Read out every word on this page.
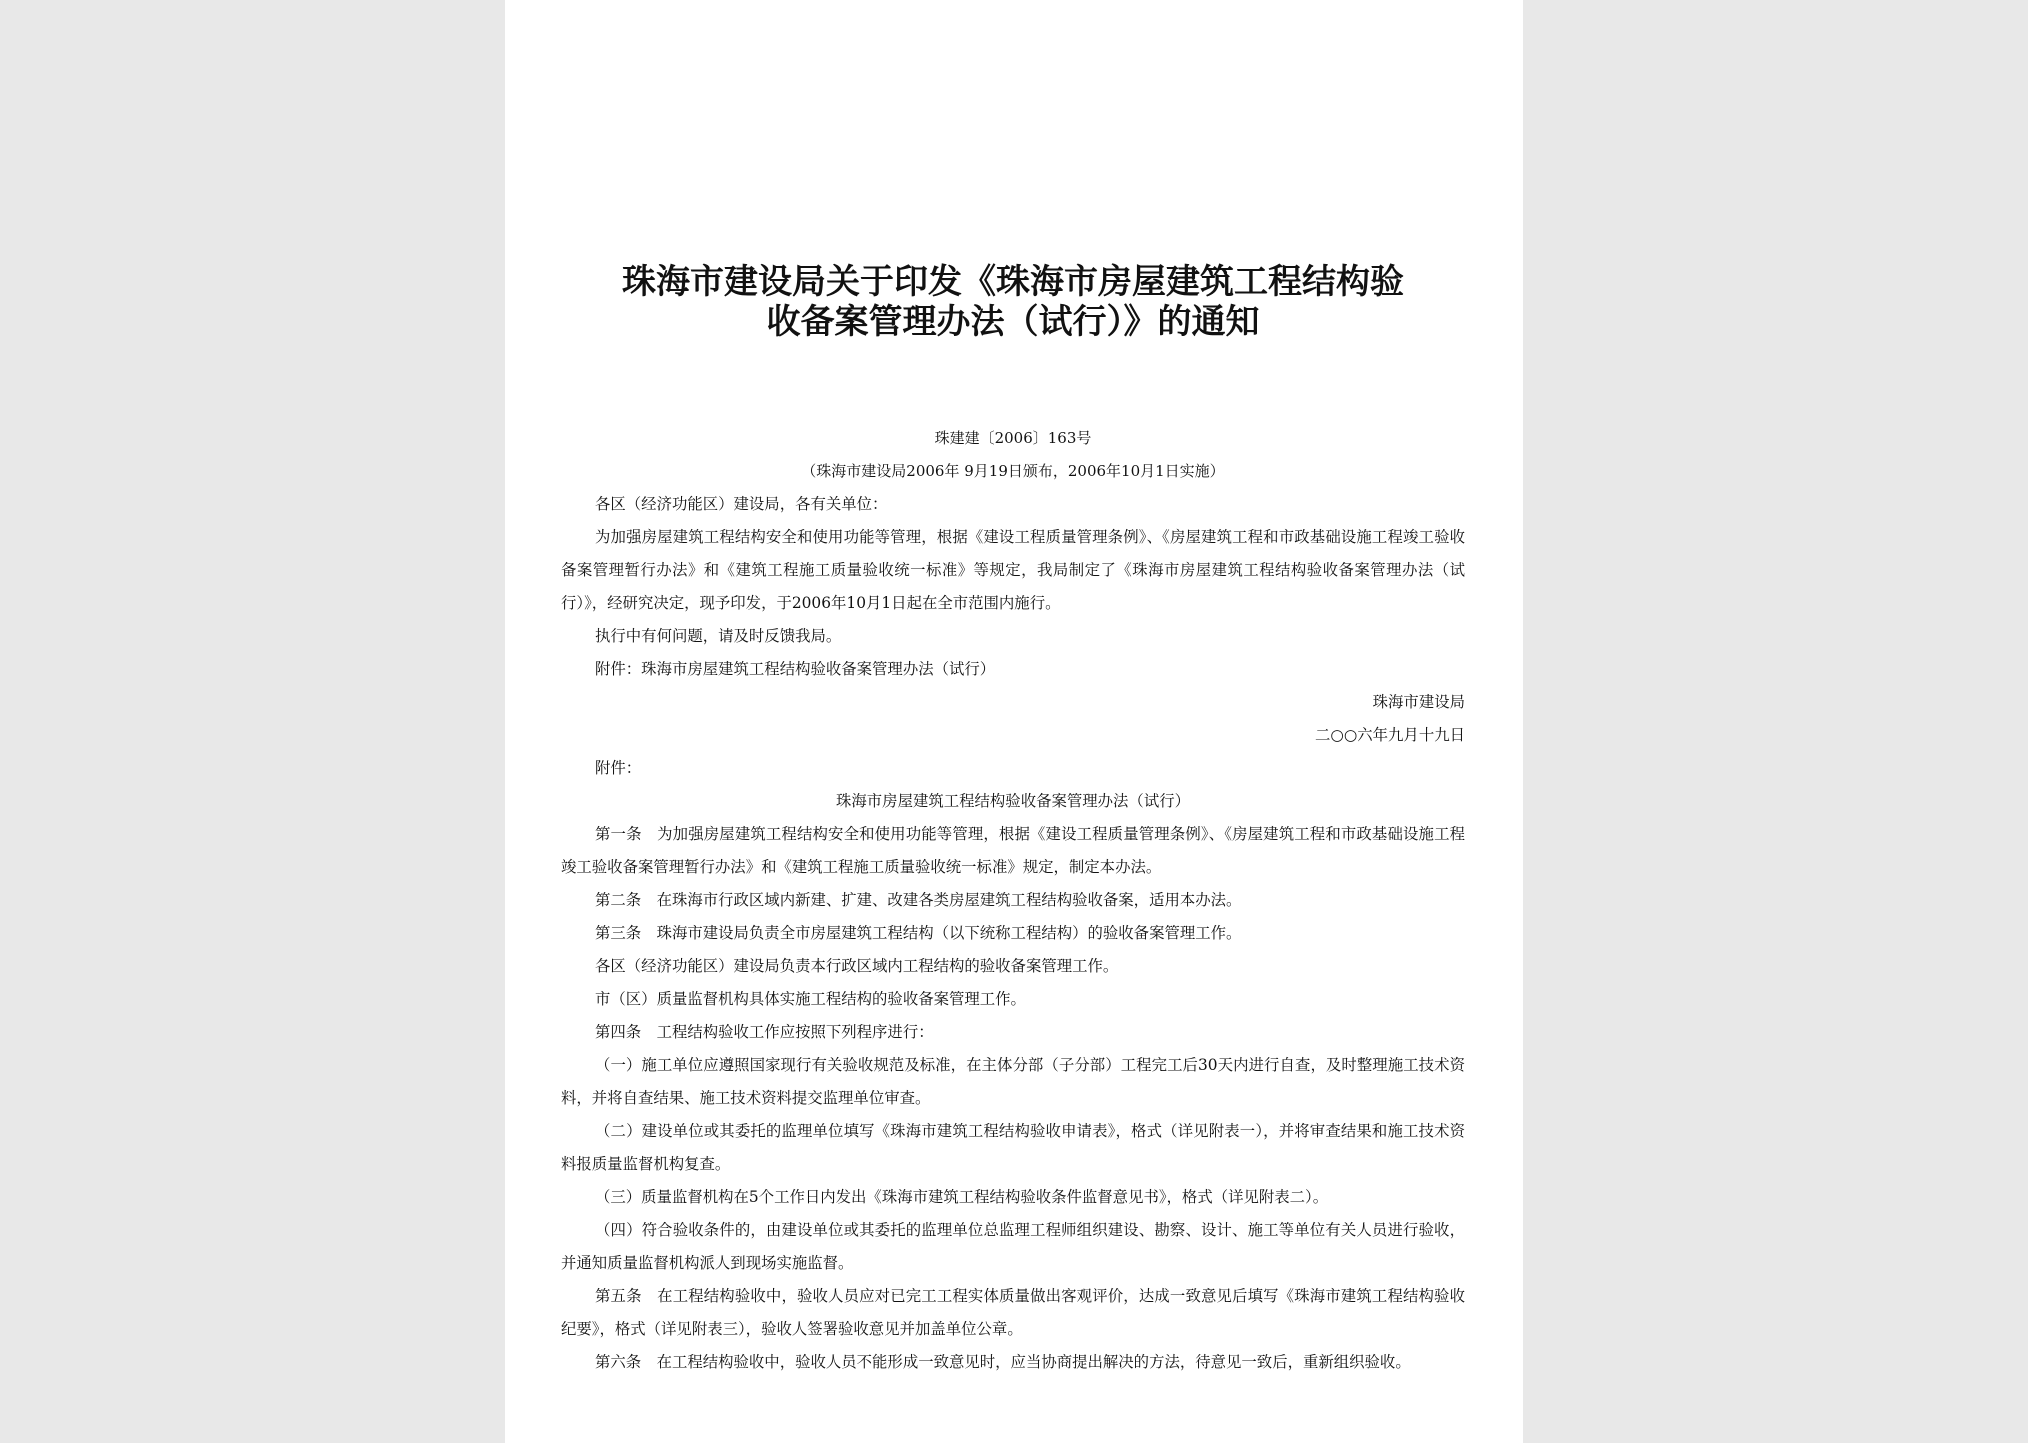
珠海市建设局关于印发《珠海市房屋建筑工程结构验
收备案管理办法（试行）》的通知

珠建建〔2006〕163号

（珠海市建设局2006年 9月19日颁布，2006年10月1日实施）

各区（经济功能区）建设局，各有关单位：

为加强房屋建筑工程结构安全和使用功能等管理，根据《建设工程质量管理条例》、《房屋建筑工程和市政基础设施工程竣工验收备案管理暂行办法》和《建筑工程施工质量验收统一标准》等规定，我局制定了《珠海市房屋建筑工程结构验收备案管理办法（试行）》，经研究决定，现予印发，于2006年10月1日起在全市范围内施行。

执行中有何问题，请及时反馈我局。

附件：珠海市房屋建筑工程结构验收备案管理办法（试行）

珠海市建设局

二○○六年九月十九日

附件：

珠海市房屋建筑工程结构验收备案管理办法（试行）

第一条　为加强房屋建筑工程结构安全和使用功能等管理，根据《建设工程质量管理条例》、《房屋建筑工程和市政基础设施工程竣工验收备案管理暂行办法》和《建筑工程施工质量验收统一标准》规定，制定本办法。

第二条　在珠海市行政区域内新建、扩建、改建各类房屋建筑工程结构验收备案，适用本办法。

第三条　珠海市建设局负责全市房屋建筑工程结构（以下统称工程结构）的验收备案管理工作。

各区（经济功能区）建设局负责本行政区域内工程结构的验收备案管理工作。

市（区）质量监督机构具体实施工程结构的验收备案管理工作。

第四条　工程结构验收工作应按照下列程序进行：

（一）施工单位应遵照国家现行有关验收规范及标准，在主体分部（子分部）工程完工后30天内进行自查，及时整理施工技术资料，并将自查结果、施工技术资料提交监理单位审查。

（二）建设单位或其委托的监理单位填写《珠海市建筑工程结构验收申请表》，格式（详见附表一），并将审查结果和施工技术资料报质量监督机构复查。

（三）质量监督机构在5个工作日内发出《珠海市建筑工程结构验收条件监督意见书》，格式（详见附表二）。

（四）符合验收条件的，由建设单位或其委托的监理单位总监理工程师组织建设、勘察、设计、施工等单位有关人员进行验收，并通知质量监督机构派人到现场实施监督。

第五条　在工程结构验收中，验收人员应对已完工工程实体质量做出客观评价，达成一致意见后填写《珠海市建筑工程结构验收纪要》，格式（详见附表三），验收人签署验收意见并加盖单位公章。

第六条　在工程结构验收中，验收人员不能形成一致意见时，应当协商提出解决的方法，待意见一致后，重新组织验收。
